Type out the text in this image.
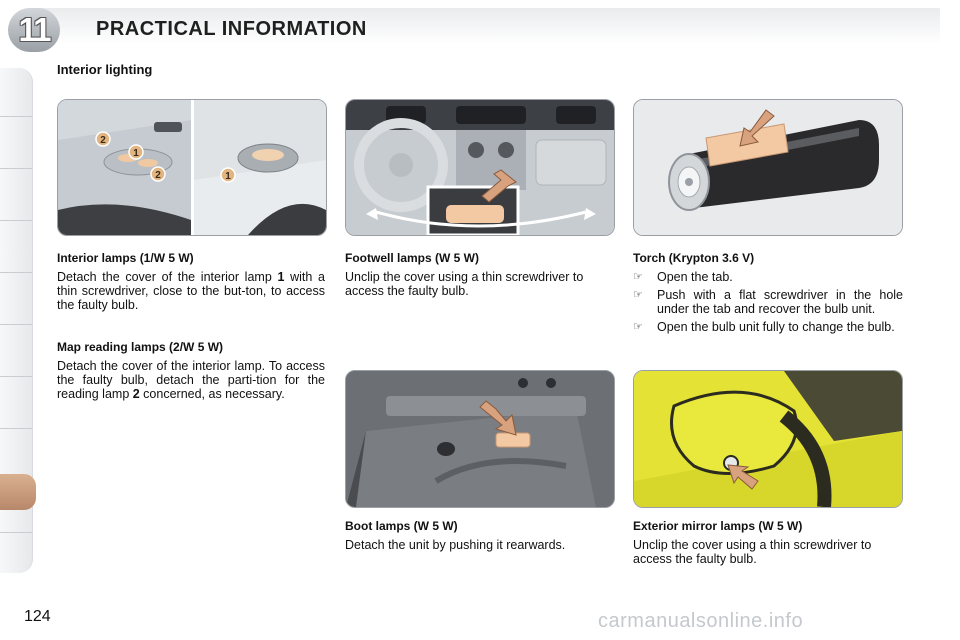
11 PRACTICAL INFORMATION
Interior lighting
2
1
2	1
Interior lamps (1/W 5 W)

Detach the cover of the interior lamp 1 with a thin screwdriver, close to the but-ton, to access the faulty bulb.

Map reading lamps (2/W 5 W)

Detach the cover of the interior lamp. To access the faulty bulb, detach the parti-tion for the reading lamp 2 concerned, as necessary.

Footwell lamps (W 5 W)

Unclip the cover using a thin screwdriver to access the faulty bulb.

Torch (Krypton 3.6 V)
☞ Open the tab.
☞ Push with a flat screwdriver in the hole under the tab and recover the bulb unit.
☞ Open the bulb unit fully to change the bulb.
Boot lamps (W 5 W)

Detach the unit by pushing it rearwards.

Exterior mirror lamps (W 5 W)

Unclip the cover using a thin screwdriver to access the faulty bulb.

124	carmanualsonline.info
